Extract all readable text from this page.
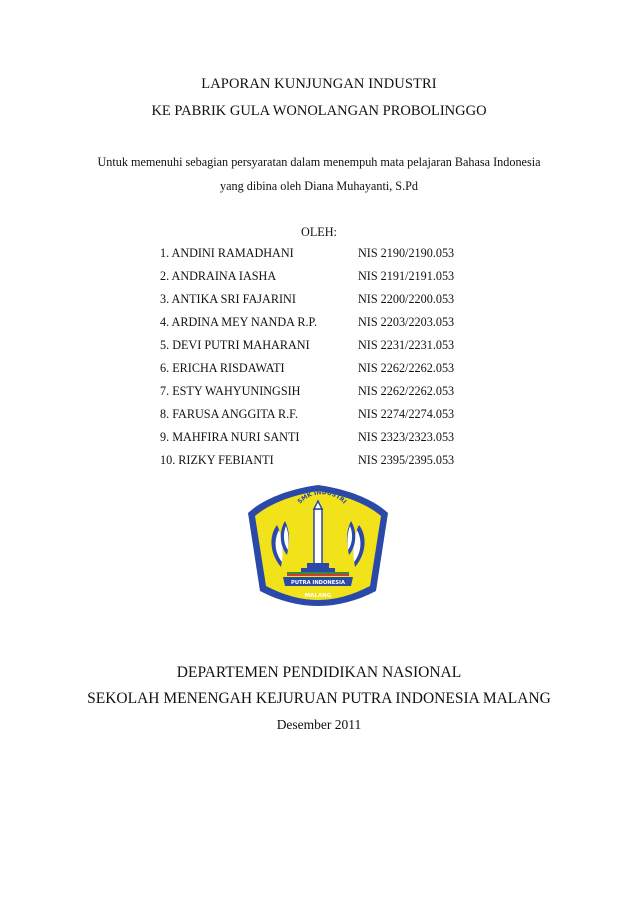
LAPORAN KUNJUNGAN INDUSTRI
KE PABRIK GULA WONOLANGAN PROBOLINGGO
Untuk memenuhi sebagian persyaratan dalam menempuh mata pelajaran Bahasa Indonesia
yang dibina oleh Diana Muhayanti, S.Pd
OLEH:
1. ANDINI RAMADHANI	NIS 2190/2190.053
2. ANDRAINA IASHA	NIS 2191/2191.053
3. ANTIKA SRI FAJARINI	NIS 2200/2200.053
4. ARDINA MEY NANDA R.P.	NIS 2203/2203.053
5. DEVI PUTRI MAHARANI	NIS 2231/2231.053
6. ERICHA RISDAWATI	NIS 2262/2262.053
7. ESTY WAHYUNINGSIH	NIS 2262/2262.053
8. FARUSA ANGGITA R.F.	NIS 2274/2274.053
9. MAHFIRA NURI SANTI	NIS 2323/2323.053
10. RIZKY FEBIANTI	NIS 2395/2395.053
SMK INDUSTRI
PUTRA INDONESIA
MALANG
DEPARTEMEN PENDIDIKAN NASIONAL
SEKOLAH MENENGAH KEJURUAN PUTRA INDONESIA MALANG
Desember 2011
